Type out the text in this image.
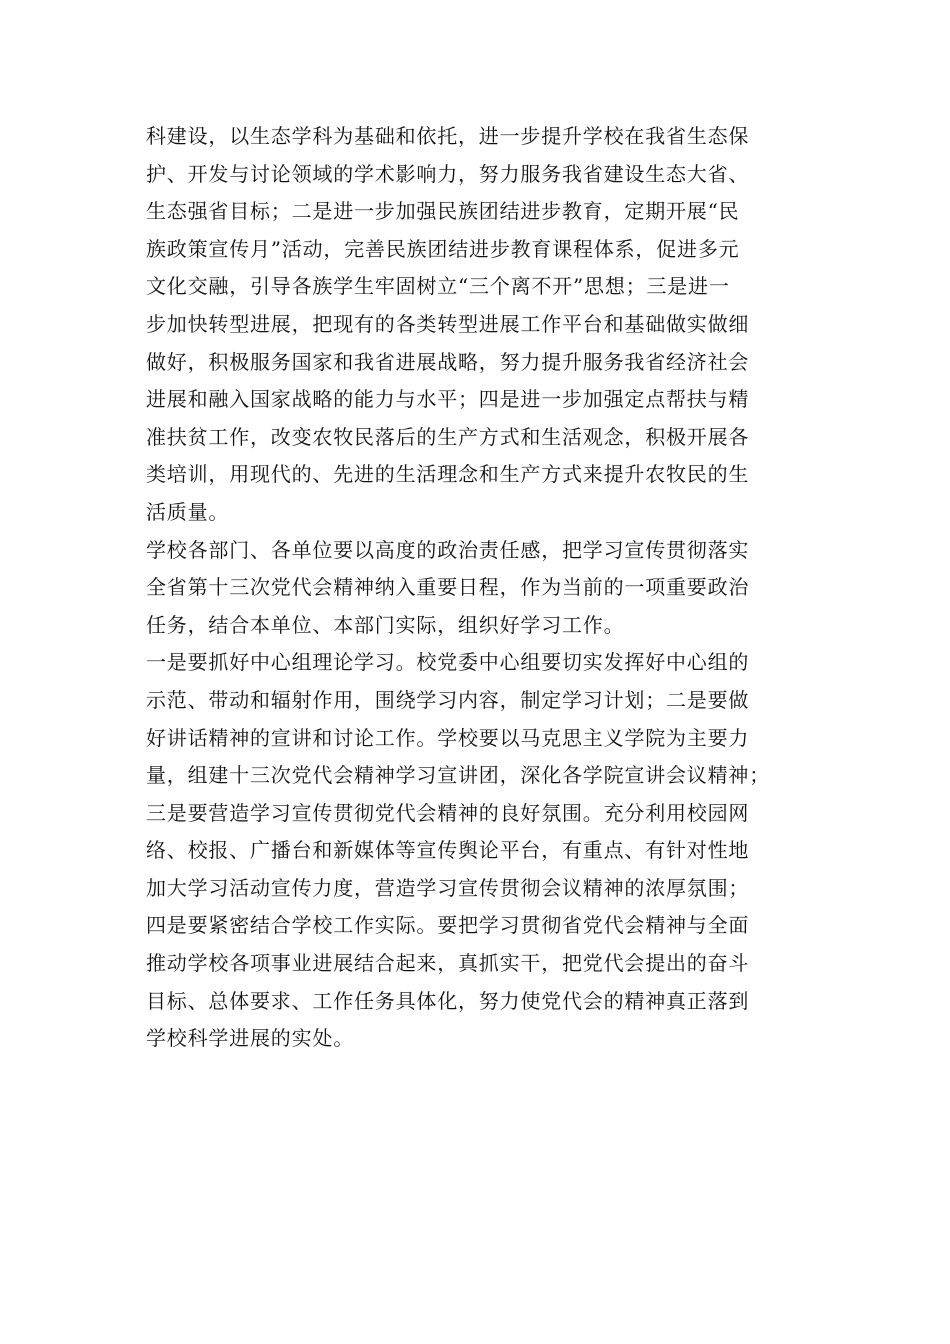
科建设，以生态学科为基础和依托，进一步提升学校在我省生态保
护、开发与讨论领域的学术影响力，努力服务我省建设生态大省、
生态强省目标；二是进一步加强民族团结进步教育，定期开展“民
族政策宣传月”活动，完善民族团结进步教育课程体系，促进多元
文化交融，引导各族学生牢固树立“三个离不开”思想；三是进一
步加快转型进展，把现有的各类转型进展工作平台和基础做实做细
做好，积极服务国家和我省进展战略，努力提升服务我省经济社会
进展和融入国家战略的能力与水平；四是进一步加强定点帮扶与精
准扶贫工作，改变农牧民落后的生产方式和生活观念，积极开展各
类培训，用现代的、先进的生活理念和生产方式来提升农牧民的生
活质量。
学校各部门、各单位要以高度的政治责任感，把学习宣传贯彻落实
全省第十三次党代会精神纳入重要日程，作为当前的一项重要政治
任务，结合本单位、本部门实际，组织好学习工作。
一是要抓好中心组理论学习。校党委中心组要切实发挥好中心组的
示范、带动和辐射作用，围绕学习内容，制定学习计划；二是要做
好讲话精神的宣讲和讨论工作。学校要以马克思主义学院为主要力
量，组建十三次党代会精神学习宣讲团，深化各学院宣讲会议精神；
三是要营造学习宣传贯彻党代会精神的良好氛围。充分利用校园网
络、校报、广播台和新媒体等宣传舆论平台，有重点、有针对性地
加大学习活动宣传力度，营造学习宣传贯彻会议精神的浓厚氛围；
四是要紧密结合学校工作实际。要把学习贯彻省党代会精神与全面
推动学校各项事业进展结合起来，真抓实干，把党代会提出的奋斗
目标、总体要求、工作任务具体化，努力使党代会的精神真正落到
学校科学进展的实处。
